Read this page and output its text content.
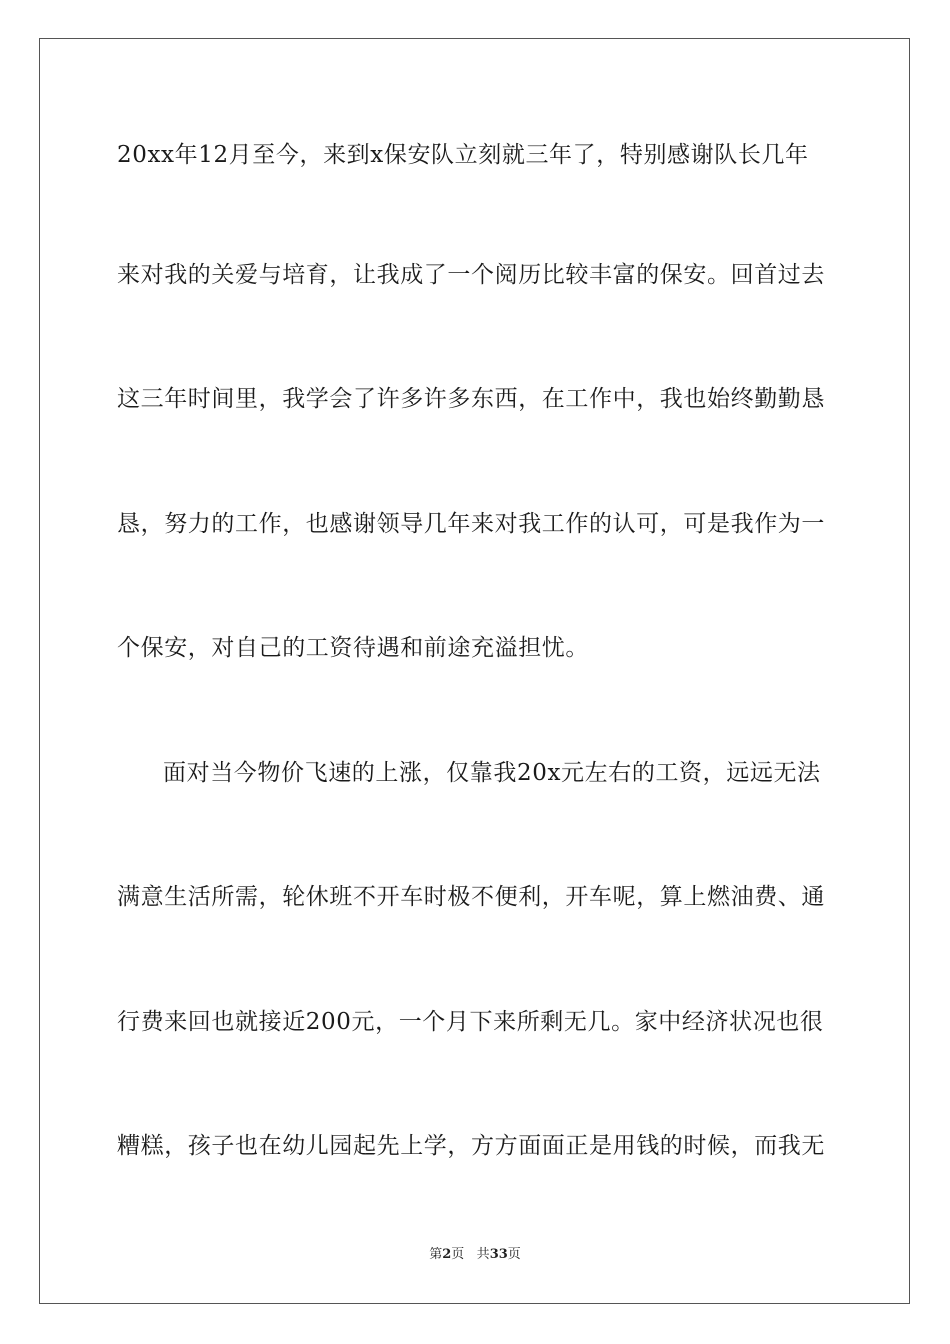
20xx年12月至今，来到x保安队立刻就三年了，特别感谢队长几年
来对我的关爱与培育，让我成了一个阅历比较丰富的保安。回首过去
这三年时间里，我学会了许多许多东西，在工作中，我也始终勤勤恳
恳，努力的工作，也感谢领导几年来对我工作的认可，可是我作为一
个保安，对自己的工资待遇和前途充溢担忧。
面对当今物价飞速的上涨，仅靠我20x元左右的工资，远远无法
满意生活所需，轮休班不开车时极不便利，开车呢，算上燃油费、通
行费来回也就接近200元，一个月下来所剩无几。家中经济状况也很
糟糕，孩子也在幼儿园起先上学，方方面面正是用钱的时候，而我无
第2页 共33页
